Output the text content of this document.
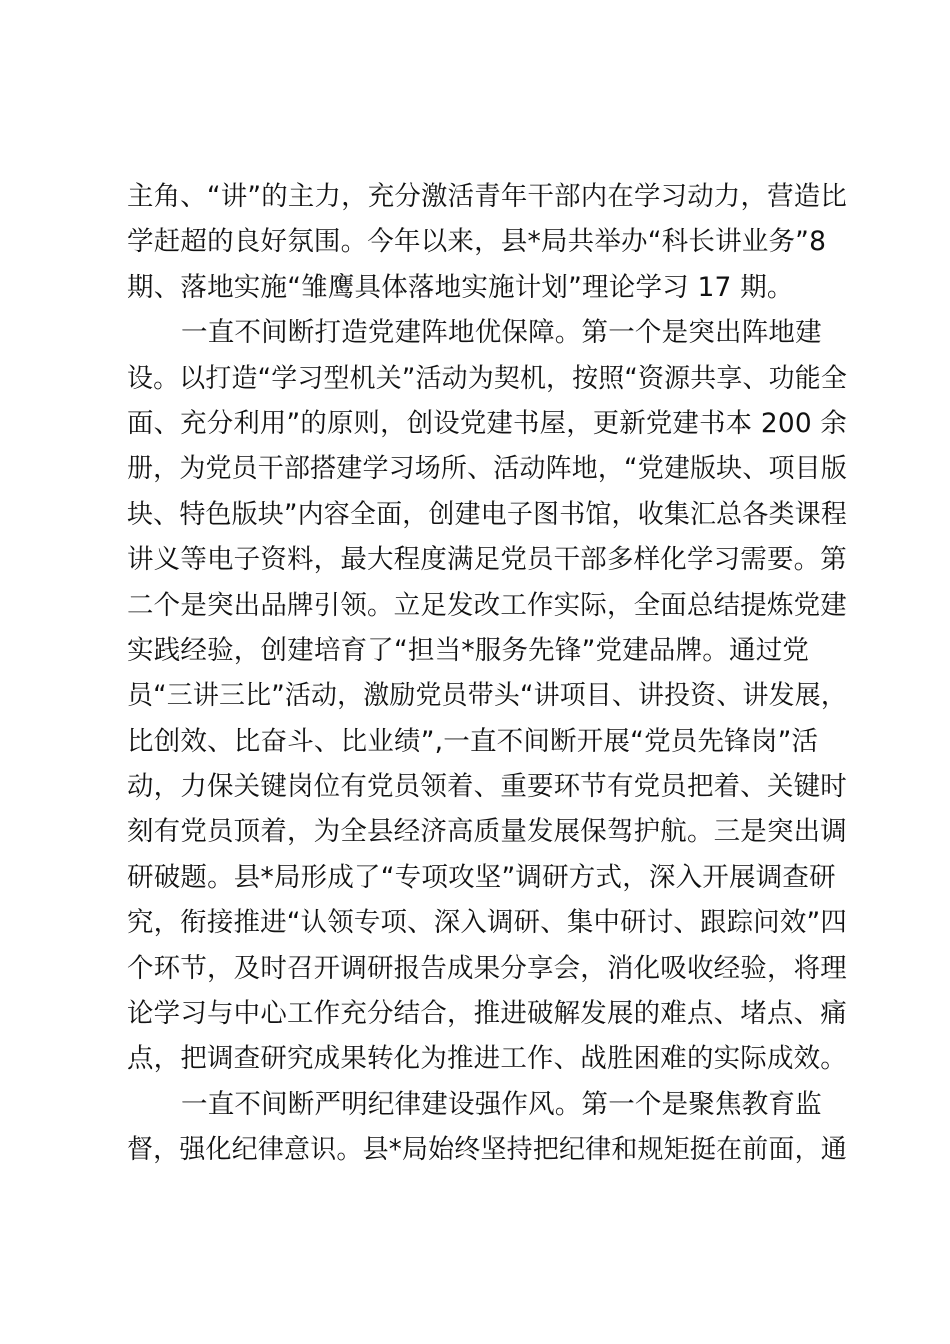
主角、“讲”的主力，充分激活青年干部内在学习动力，营造比
学赶超的良好氛围。今年以来，县*局共举办“科长讲业务”8
期、落地实施“雏鹰具体落地实施计划”理论学习 17 期。
一直不间断打造党建阵地优保障。第一个是突出阵地建
设。以打造“学习型机关”活动为契机，按照“资源共享、功能全
面、充分利用”的原则，创设党建书屋，更新党建书本 200 余
册，为党员干部搭建学习场所、活动阵地，“党建版块、项目版
块、特色版块”内容全面，创建电子图书馆，收集汇总各类课程
讲义等电子资料，最大程度满足党员干部多样化学习需要。第
二个是突出品牌引领。立足发改工作实际，全面总结提炼党建
实践经验，创建培育了“担当*服务先锋”党建品牌。通过党
员“三讲三比”活动，激励党员带头“讲项目、讲投资、讲发展，
比创效、比奋斗、比业绩”,一直不间断开展“党员先锋岗”活
动，力保关键岗位有党员领着、重要环节有党员把着、关键时
刻有党员顶着，为全县经济高质量发展保驾护航。三是突出调
研破题。县*局形成了“专项攻坚”调研方式，深入开展调查研
究，衔接推进“认领专项、深入调研、集中研讨、跟踪问效”四
个环节，及时召开调研报告成果分享会，消化吸收经验，将理
论学习与中心工作充分结合，推进破解发展的难点、堵点、痛
点，把调查研究成果转化为推进工作、战胜困难的实际成效。
一直不间断严明纪律建设强作风。第一个是聚焦教育监
督，强化纪律意识。县*局始终坚持把纪律和规矩挺在前面，通
